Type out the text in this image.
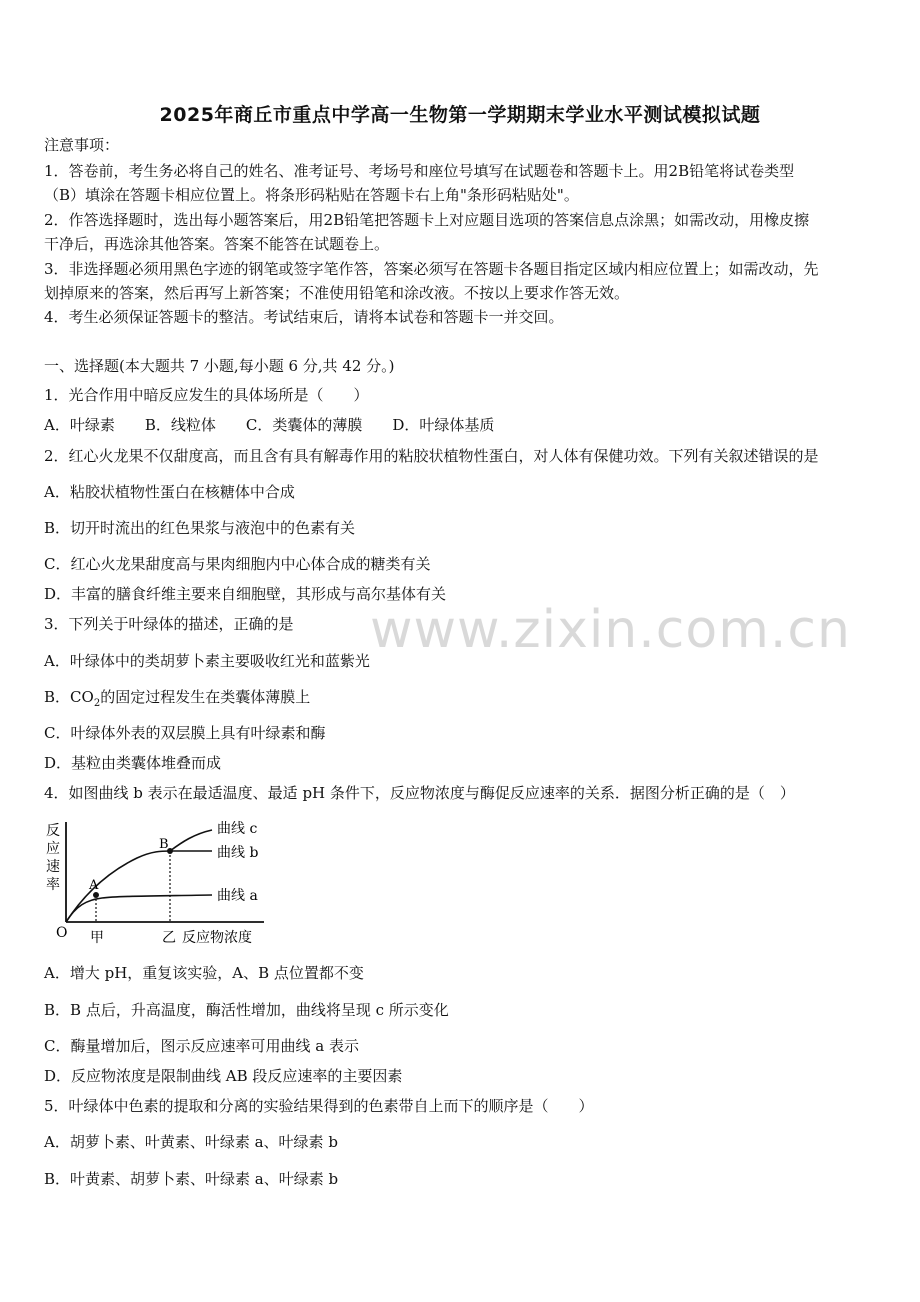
2025年商丘市重点中学高一生物第一学期期末学业水平测试模拟试题
注意事项：
1．答卷前，考生务必将自己的姓名、准考证号、考场号和座位号填写在试题卷和答题卡上。用2B铅笔将试卷类型
（B）填涂在答题卡相应位置上。将条形码粘贴在答题卡右上角"条形码粘贴处"。
2．作答选择题时，选出每小题答案后，用2B铅笔把答题卡上对应题目选项的答案信息点涂黑；如需改动，用橡皮擦
干净后，再选涂其他答案。答案不能答在试题卷上。
3．非选择题必须用黑色字迹的钢笔或签字笔作答，答案必须写在答题卡各题目指定区域内相应位置上；如需改动，先
划掉原来的答案，然后再写上新答案；不准使用铅笔和涂改液。不按以上要求作答无效。
4．考生必须保证答题卡的整洁。考试结束后，请将本试卷和答题卡一并交回。
一、选择题(本大题共 7 小题,每小题 6 分,共 42 分。)
1．光合作用中暗反应发生的具体场所是（　　）
A．叶绿素　　B．线粒体　　C．类囊体的薄膜　　D．叶绿体基质
2．红心火龙果不仅甜度高，而且含有具有解毒作用的粘胶状植物性蛋白，对人体有保健功效。下列有关叙述错误的是
A．粘胶状植物性蛋白在核糖体中合成
B．切开时流出的红色果浆与液泡中的色素有关
C．红心火龙果甜度高与果肉细胞内中心体合成的糖类有关
D．丰富的膳食纤维主要来自细胞壁，其形成与高尔基体有关
3．下列关于叶绿体的描述，正确的是
A．叶绿体中的类胡萝卜素主要吸收红光和蓝紫光
B．$CO_2$的固定过程发生在类囊体薄膜上
C．叶绿体外表的双层膜上具有叶绿素和酶
D．基粒由类囊体堆叠而成
4．如图曲线 b 表示在最适温度、最适 pH 条件下，反应物浓度与酶促反应速率的关系．据图分析正确的是（　）
反
应
速
率 A
B
曲线 c
曲线 b
曲线 a
O 甲	乙 反应物浓度
A．增大 pH，重复该实验，A、B 点位置都不变
B．B 点后，升高温度，酶活性增加，曲线将呈现 c 所示变化
C．酶量增加后，图示反应速率可用曲线 a 表示
D．反应物浓度是限制曲线 AB 段反应速率的主要因素
5．叶绿体中色素的提取和分离的实验结果得到的色素带自上而下的顺序是（　　）
A．胡萝卜素、叶黄素、叶绿素 a、叶绿素 b
B．叶黄素、胡萝卜素、叶绿素 a、叶绿素 b
www.zixin.com.cn
